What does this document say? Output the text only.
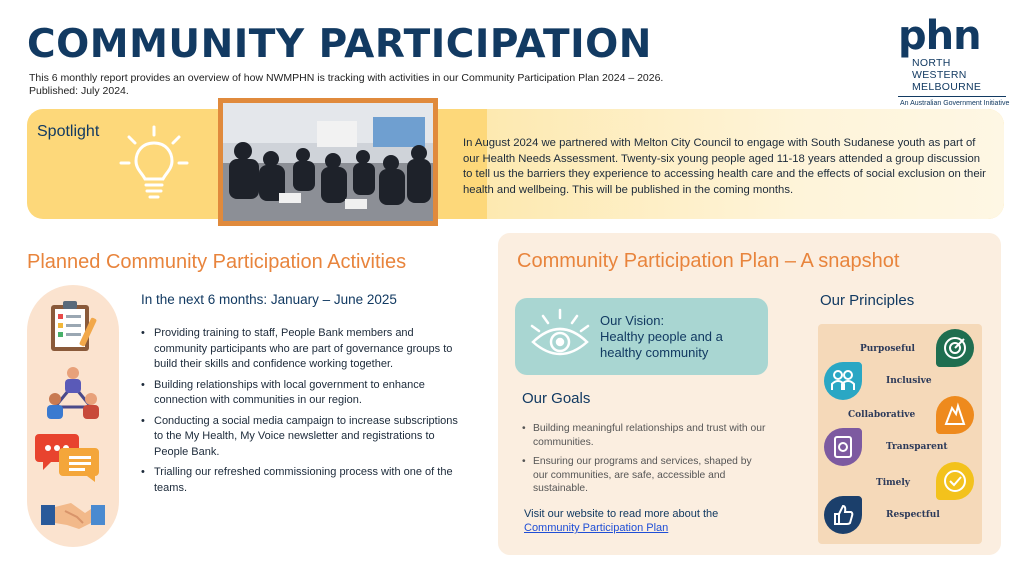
COMMUNITY PARTICIPATION
This 6 monthly report provides an overview of how NWMPHN is tracking with activities in our Community Participation Plan 2024 – 2026.
Published: July 2024.
phn
NORTH WESTERN
MELBOURNE
An Australian Government Initiative
Spotlight
In August 2024 we partnered with Melton City Council to engage with South Sudanese youth as part of our Health Needs Assessment. Twenty-six young people aged 11-18 years attended a group discussion to tell us the barriers they experience to accessing health care and the effects of social exclusion on their health and wellbeing. This will be published in the coming months.
Planned Community Participation Activities
In the next 6 months: January – June 2025
• Providing training to staff, People Bank members and community participants who are part of governance groups to build their skills and confidence working together.
• Building relationships with local government to enhance connection with communities in our region.
• Conducting a social media campaign to increase subscriptions to the My Health, My Voice newsletter and registrations to People Bank.
• Trialling our refreshed commissioning process with one of the teams.
Community Participation Plan – A snapshot
Our Vision:
Healthy people and a healthy community
Our Goals
• Building meaningful relationships and trust with our communities.
• Ensuring our programs and services, shaped by our communities, are safe, accessible and sustainable.
Visit our website to read more about the
Community Participation Plan
Our Principles
Purposeful
Inclusive
Collaborative
Transparent
Timely
Respectful
